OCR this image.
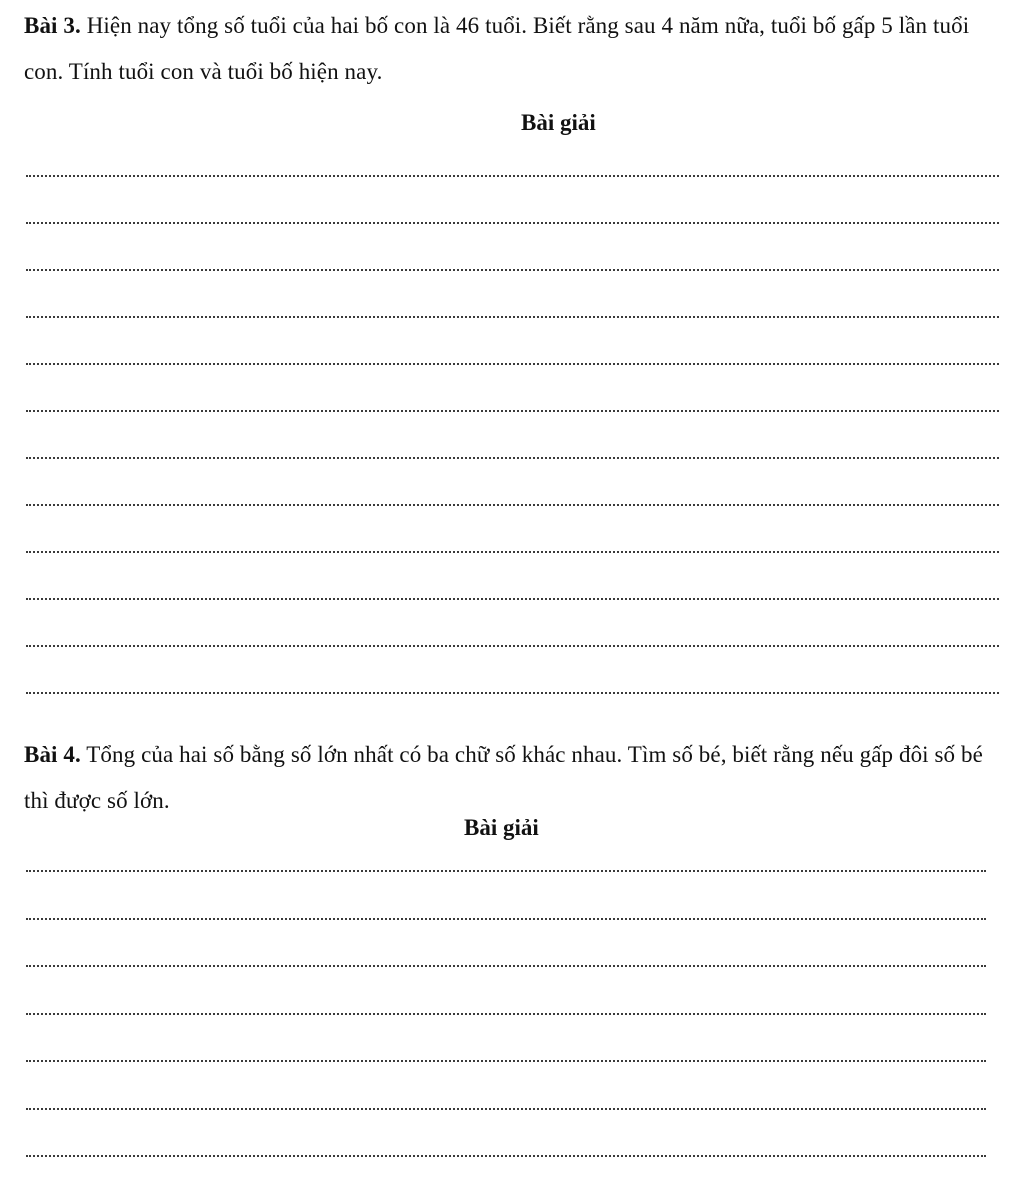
Bài 3. Hiện nay tổng số tuổi của hai bố con là 46 tuổi. Biết rằng sau 4 năm nữa, tuổi bố gấp 5 lần tuổi con. Tính tuổi con và tuổi bố hiện nay.
Bài giải
Bài 4. Tổng của hai số bằng số lớn nhất có ba chữ số khác nhau. Tìm số bé, biết rằng nếu gấp đôi số bé thì được số lớn.
Bài giải
